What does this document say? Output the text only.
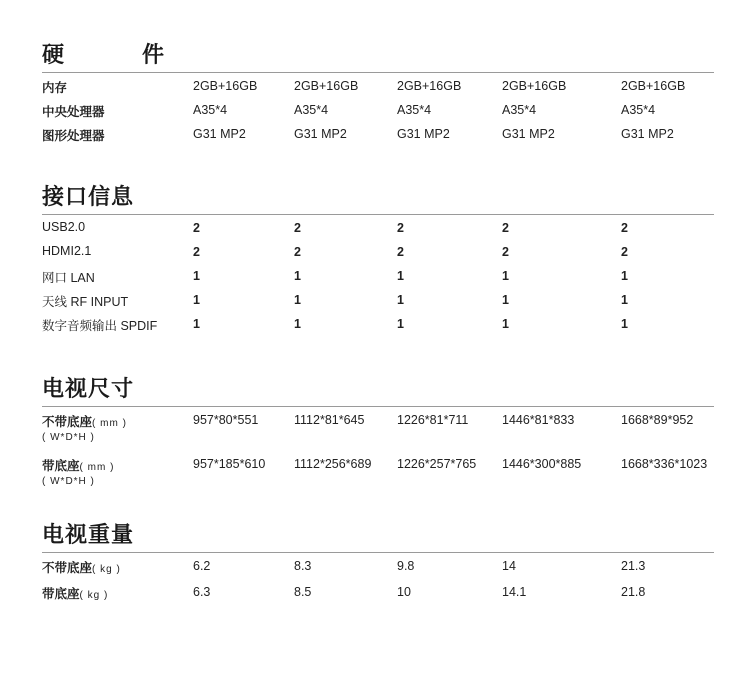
硬　件
内存	2GB+16GB	2GB+16GB	2GB+16GB	2GB+16GB	2GB+16GB
中央处理器	A35*4	A35*4	A35*4	A35*4	A35*4
图形处理器	G31 MP2	G31 MP2	G31 MP2	G31 MP2	G31 MP2
接口信息
USB2.0	2	2	2	2	2
HDMI2.1	2	2	2	2	2
网口 LAN	1	1	1	1	1
天线 RF INPUT	1	1	1	1	1
数字音频输出 SPDIF	1	1	1	1	1
电视尺寸
不带底座( mm )
( W*D*H )
957*80*551	1112*81*645	1226*81*711	1446*81*833	1668*89*952
带底座( mm )
( W*D*H )
957*185*610 1112*256*689 1226*257*765 1446*300*885	1668*336*1023
电视重量
不带底座( kg )	6.2	8.3	9.8	14	21.3
带底座( kg )	6.3	8.5	10	14.1	21.8
